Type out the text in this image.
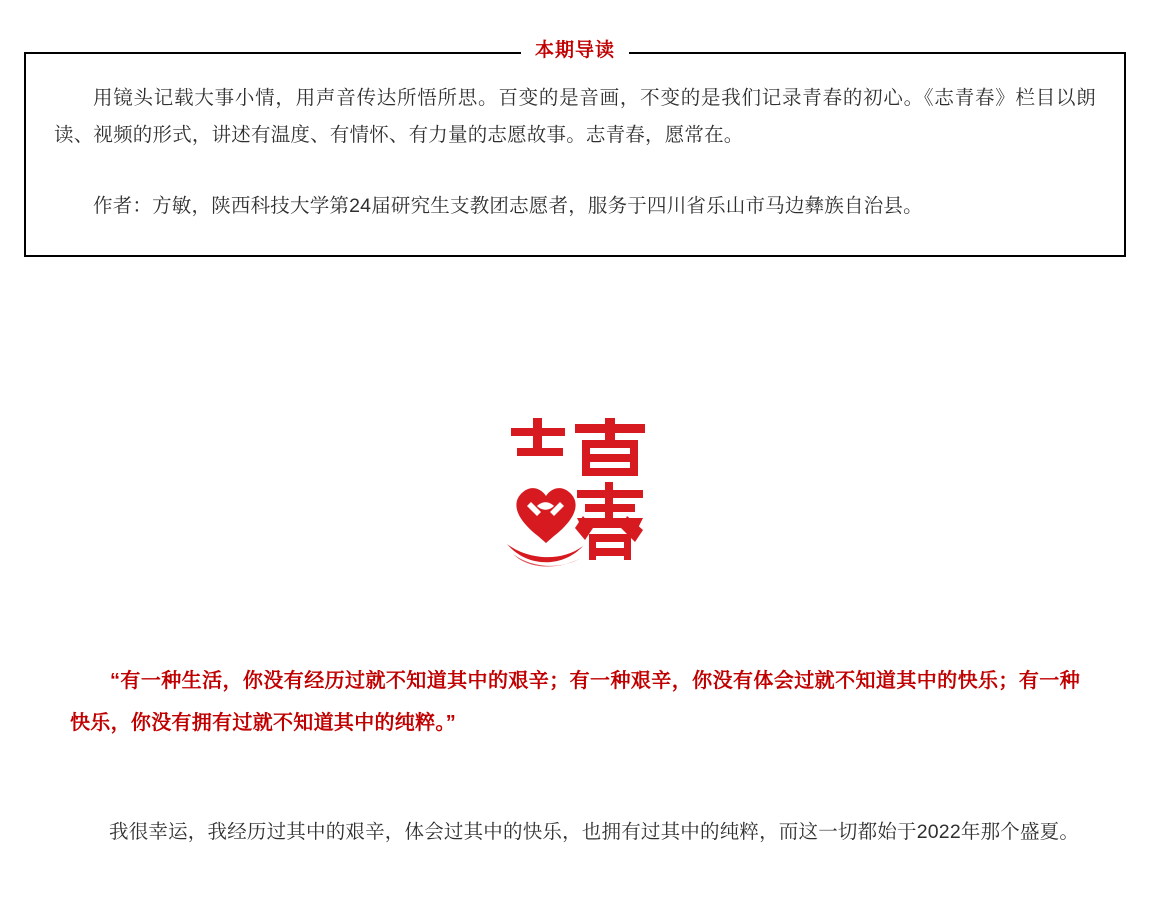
本期导读

用镜头记载大事小情，用声音传达所悟所思。百变的是音画，不变的是我们记录青春的初心。《志青春》栏目以朗读、视频的形式，讲述有温度、有情怀、有力量的志愿故事。志青春，愿常在。

作者：方敏，陕西科技大学第24届研究生支教团志愿者，服务于四川省乐山市马边彝族自治县。

“有一种生活，你没有经历过就不知道其中的艰辛；有一种艰辛，你没有体会过就不知道其中的快乐；有一种快乐，你没有拥有过就不知道其中的纯粹。”
我很幸运，我经历过其中的艰辛，体会过其中的快乐，也拥有过其中的纯粹，而这一切都始于2022年那个盛夏。
